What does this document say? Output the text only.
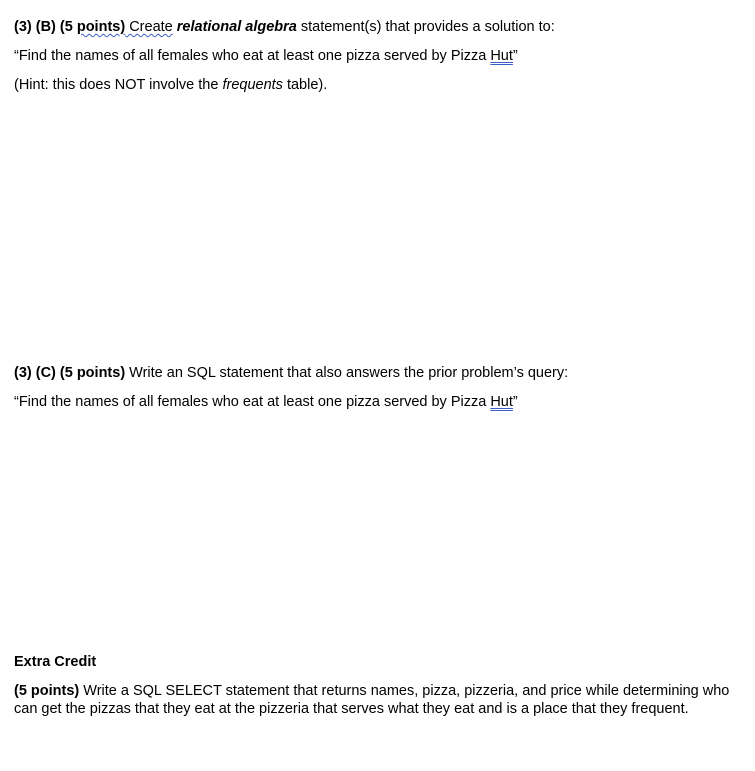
(3) (B) (5 points) Create relational algebra statement(s) that provides a solution to:
“Find the names of all females who eat at least one pizza served by Pizza Hut”
(Hint: this does NOT involve the frequents table).
(3) (C) (5 points) Write an SQL statement that also answers the prior problem’s query:
“Find the names of all females who eat at least one pizza served by Pizza Hut”
Extra Credit
(5 points) Write a SQL SELECT statement that returns names, pizza, pizzeria, and price while determining who can get the pizzas that they eat at the pizzeria that serves what they eat and is a place that they frequent.
